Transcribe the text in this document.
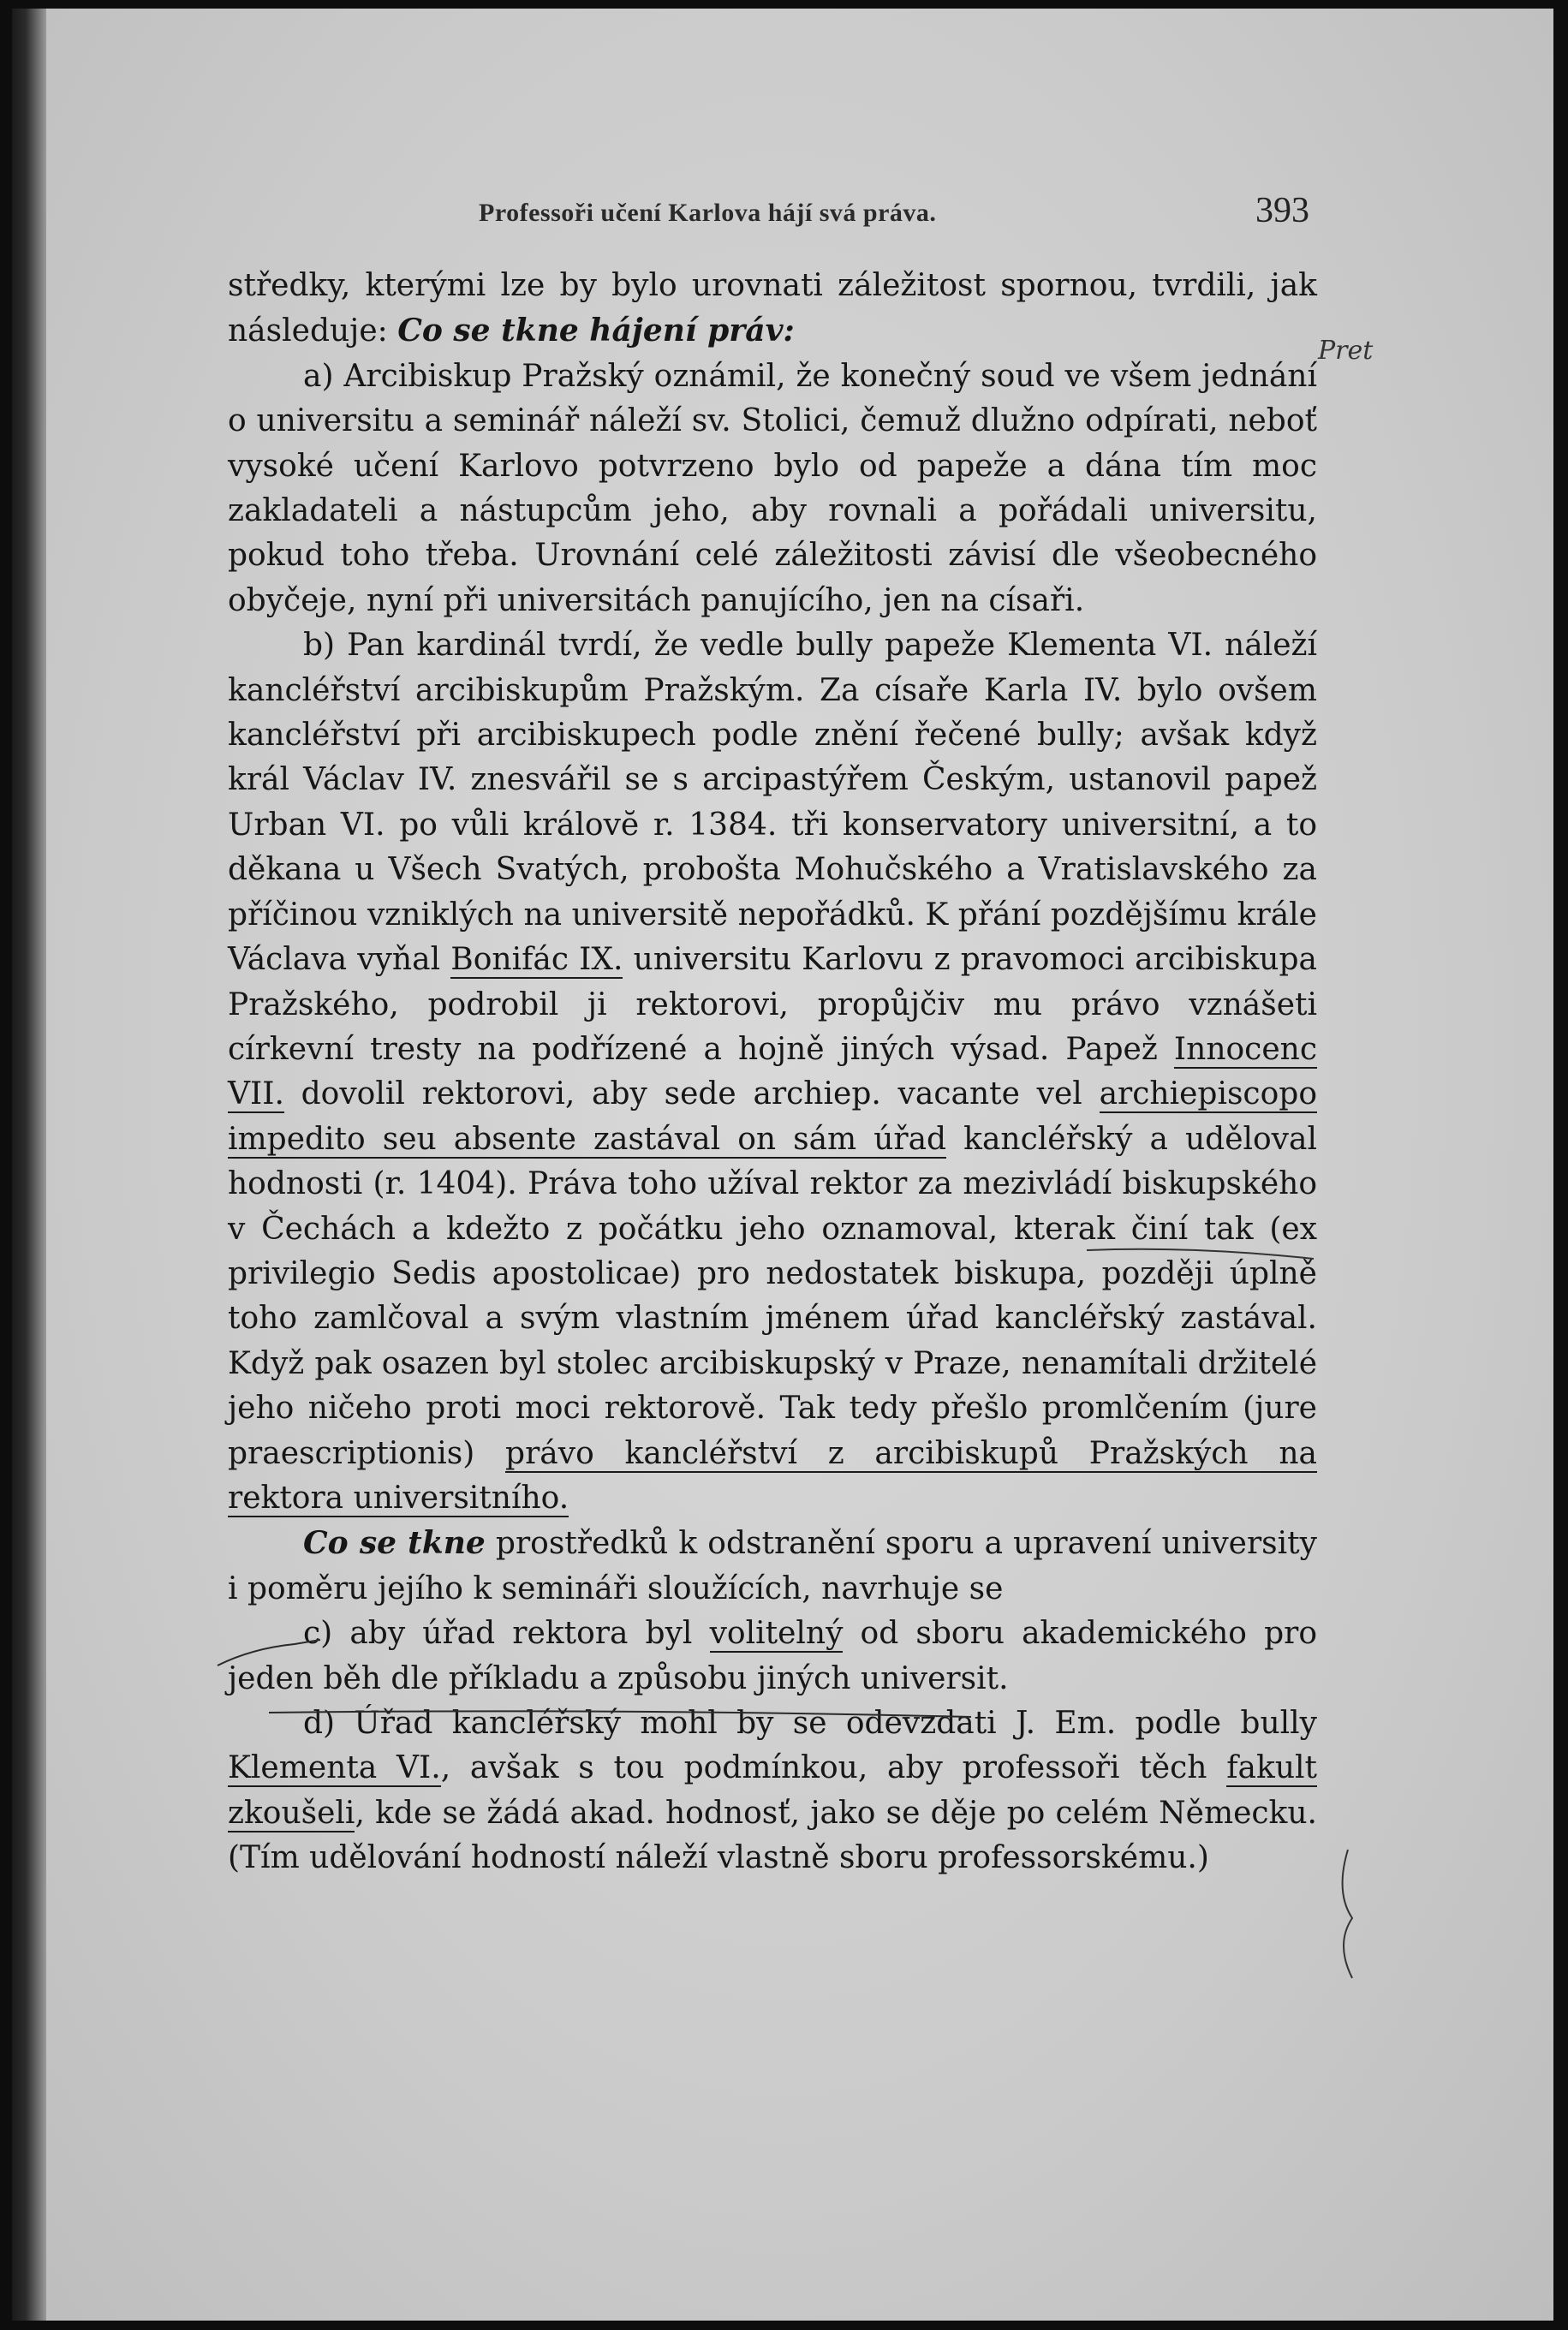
Professoři učení Karlova hájí svá práva.	393
Pret

středky, kterými lze by bylo urovnati záležitost spornou, tvrdili, jak následuje: Co se tkne hájení práv:

a) Arcibiskup Pražský oznámil, že konečný soud ve všem jednání o universitu a seminář náleží sv. Stolici, čemuž dlužno odpírati, neboť vysoké učení Karlovo potvrzeno bylo od papeže a dána tím moc zakladateli a nástupcům jeho, aby rovnali a pořádali universitu, pokud toho třeba. Urovnání celé záležitosti závisí dle všeobecného obyčeje, nyní při universitách panujícího, jen na císaři.

b) Pan kardinál tvrdí, že vedle bully papeže Klementa VI. náleží kancléřství arcibiskupům Pražským. Za císaře Karla IV. bylo ovšem kancléřství při arcibiskupech podle znění řečené bully; avšak když král Václav IV. znesvářil se s arcipastýřem Českým, ustanovil papež Urban VI. po vůli královĕ r. 1384. tři konservatory universitní, a to děkana u Všech Svatých, proboštа Mohučského a Vratislavského za příčinou vzniklých na universitě nepořádků. K přání pozdějšímu krále Václava vyňal Bonifác IX. universitu Karlovu z pravomoci arcibiskupa Pražského, podrobil ji rektorovi, propůjčiv mu právo vznášeti církevní tresty na podřízené a hojně jiných výsad. Papež Innocenc VII. dovolil rektorovi, aby sede archiep. vacante vel archiepiscopo impedito seu absente zastával on sám úřad kancléřský a uděloval hodnosti (r. 1404). Práva toho užíval rektor za mezivládí biskupského v Čechách a kdežto z počátku jeho oznamoval, kterak činí tak (ex privilegio Sedis apostolicae) pro nedostatek biskupa, později úplně toho zamlčoval a svým vlastním jménem úřad kancléřský zastával. Když pak osazen byl stolec arcibiskupský v Praze, nenamítali držitelé jeho ničeho proti moci rektorově. Tak tedy přešlo promlčením (jure praescriptionis) právo kancléřství z arcibiskupů Pražských na rektora universitního.

Co se tkne prostředků k odstranění sporu a upravení university i poměru jejího k semináři sloužících, navrhuje se

c) aby úřad rektora byl volitelný od sboru akademického pro jeden běh dle příkladu a způsobu jiných universit.

d) Úřad kancléřský mohl by se odevzdati J. Em. podle bully Klementa VI., avšak s tou podmínkou, aby professoři těch fakult zkoušeli, kde se žádá akad. hodnosť, jako se děje po celém Německu. (Tím udělování hodností náleží vlastně sboru professorskému.)
